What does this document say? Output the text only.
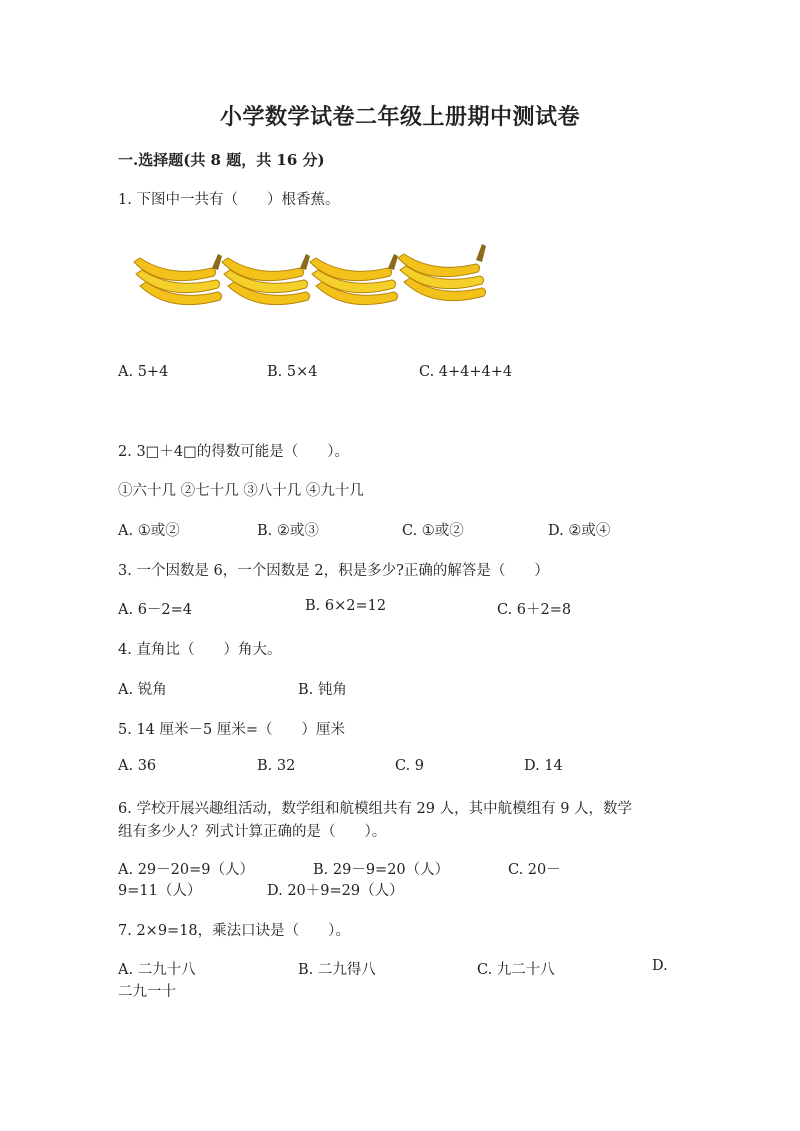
小学数学试卷二年级上册期中测试卷
一.选择题(共 8 题，共 16 分)
1. 下图中一共有（　　）根香蕉。
A. 5+4	B. 5×4	C. 4+4+4+4
2. 3□＋4□的得数可能是（　　）。
①六十几 ②七十几 ③八十几 ④九十几
A. ①或②	B. ②或③	C. ①或②	D. ②或④
3. 一个因数是 6，一个因数是 2，积是多少?正确的解答是（　　）
A. 6－2=4	B. 6×2=12	C. 6＋2=8
4. 直角比（　　）角大。
A. 锐角	B. 钝角
5. 14 厘米－5 厘米=（　　）厘米
A. 36	B. 32	C. 9	D. 14
6. 学校开展兴趣组活动，数学组和航模组共有 29 人，其中航模组有 9 人，数学
组有多少人？列式计算正确的是（　　）。
A. 29－20=9（人）	B. 29－9=20（人）	C. 20－
9=11（人）	D. 20＋9=29（人）
7. 2×9=18，乘法口诀是（　　）。
A. 二九十八	B. 二九得八	C. 九二十八	D.
二九一十
